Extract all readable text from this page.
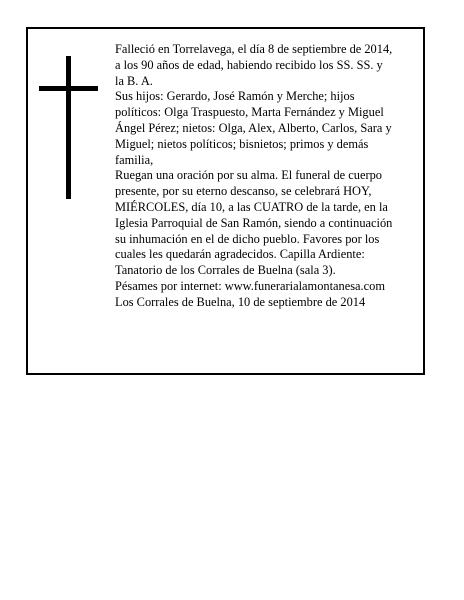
Falleció en Torrelavega, el día 8 de septiembre de 2014,
a los 90 años de edad, habiendo recibido los SS. SS. y
la B. A.

Sus hijos: Gerardo, José Ramón y Merche; hijos
políticos: Olga Traspuesto, Marta Fernández y Miguel
Ángel Pérez; nietos: Olga, Alex, Alberto, Carlos, Sara y
Miguel; nietos políticos; bisnietos; primos y demás
familia,

Ruegan una oración por su alma. El funeral de cuerpo
presente, por su eterno descanso, se celebrará HOY,
MIÉRCOLES, día 10, a las CUATRO de la tarde, en la
Iglesia Parroquial de San Ramón, siendo a continuación
su inhumación en el de dicho pueblo. Favores por los
cuales les quedarán agradecidos. Capilla Ardiente:
Tanatorio de los Corrales de Buelna (sala 3).

Pésames por internet: www.funerarialamontanesa.com

Los Corrales de Buelna, 10 de septiembre de 2014
